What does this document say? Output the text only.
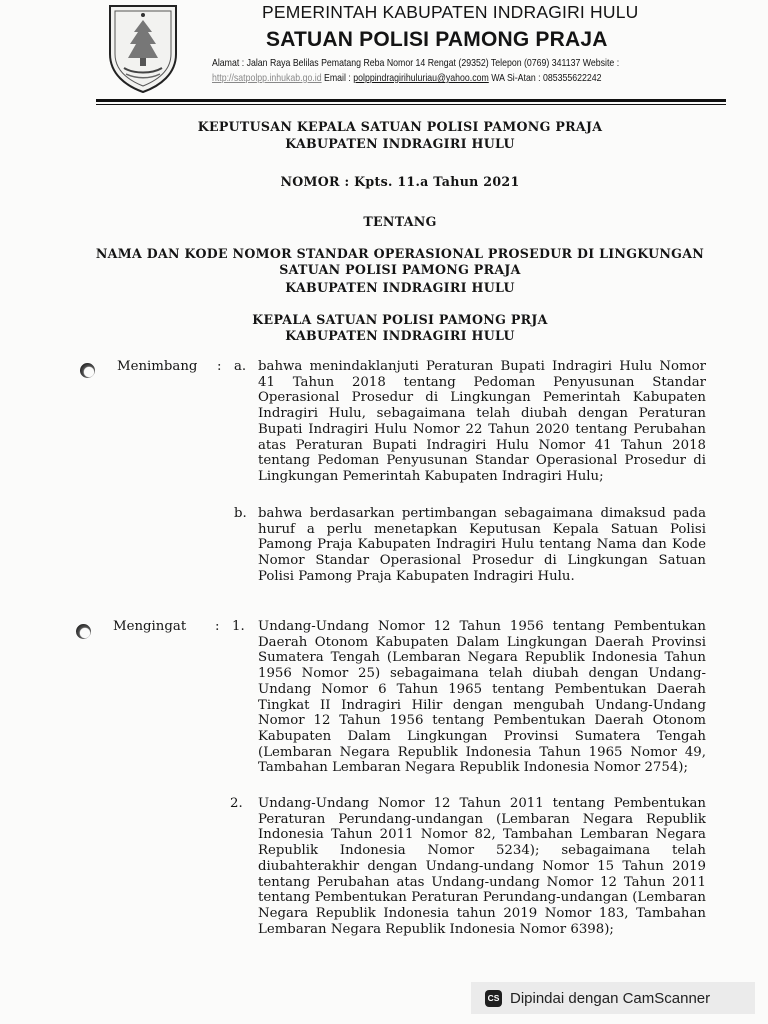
PEMERINTAH KABUPATEN INDRAGIRI HULU
SATUAN POLISI PAMONG PRAJA
Alamat : Jalan Raya Belilas Pematang Reba Nomor 14 Rengat (29352) Telepon (0769) 341137 Website :
http://satpolpp.inhukab.go.id Email : polppindragirihuluriau@yahoo.com WA Si-Atan : 085355622242
KEPUTUSAN KEPALA SATUAN POLISI PAMONG PRAJA
KABUPATEN INDRAGIRI HULU
NOMOR : Kpts. 11.a Tahun 2021
TENTANG
NAMA DAN KODE NOMOR STANDAR OPERASIONAL PROSEDUR DI LINGKUNGAN
SATUAN POLISI PAMONG PRAJA
KABUPATEN INDRAGIRI HULU
KEPALA SATUAN POLISI PAMONG PRJA
KABUPATEN INDRAGIRI HULU
Menimbang : a. bahwa menindaklanjuti Peraturan Bupati Indragiri Hulu Nomor 41 Tahun 2018 tentang Pedoman Penyusunan Standar Operasional Prosedur di Lingkungan Pemerintah Kabupaten Indragiri Hulu, sebagaimana telah diubah dengan Peraturan Bupati Indragiri Hulu Nomor 22 Tahun 2020 tentang Perubahan atas Peraturan Bupati Indragiri Hulu Nomor 41 Tahun 2018 tentang Pedoman Penyusunan Standar Operasional Prosedur di Lingkungan Pemerintah Kabupaten Indragiri Hulu;
b. bahwa berdasarkan pertimbangan sebagaimana dimaksud pada huruf a perlu menetapkan Keputusan Kepala Satuan Polisi Pamong Praja Kabupaten Indragiri Hulu tentang Nama dan Kode Nomor Standar Operasional Prosedur di Lingkungan Satuan Polisi Pamong Praja Kabupaten Indragiri Hulu.
Mengingat : 1. Undang-Undang Nomor 12 Tahun 1956 tentang Pembentukan Daerah Otonom Kabupaten Dalam Lingkungan Daerah Provinsi Sumatera Tengah (Lembaran Negara Republik Indonesia Tahun 1956 Nomor 25) sebagaimana telah diubah dengan Undang-Undang Nomor 6 Tahun 1965 tentang Pembentukan Daerah Tingkat II Indragiri Hilir dengan mengubah Undang-Undang Nomor 12 Tahun 1956 tentang Pembentukan Daerah Otonom Kabupaten Dalam Lingkungan Provinsi Sumatera Tengah (Lembaran Negara Republik Indonesia Tahun 1965 Nomor 49, Tambahan Lembaran Negara Republik Indonesia Nomor 2754);
2. Undang-Undang Nomor 12 Tahun 2011 tentang Pembentukan Peraturan Perundang-undangan (Lembaran Negara Republik Indonesia Tahun 2011 Nomor 82, Tambahan Lembaran Negara Republik Indonesia Nomor 5234); sebagaimana telah diubahterakhir dengan Undang-undang Nomor 15 Tahun 2019 tentang Perubahan atas Undang-undang Nomor 12 Tahun 2011 tentang Pembentukan Peraturan Perundang-undangan (Lembaran Negara Republik Indonesia tahun 2019 Nomor 183, Tambahan Lembaran Negara Republik Indonesia Nomor 6398);
CS Dipindai dengan CamScanner
